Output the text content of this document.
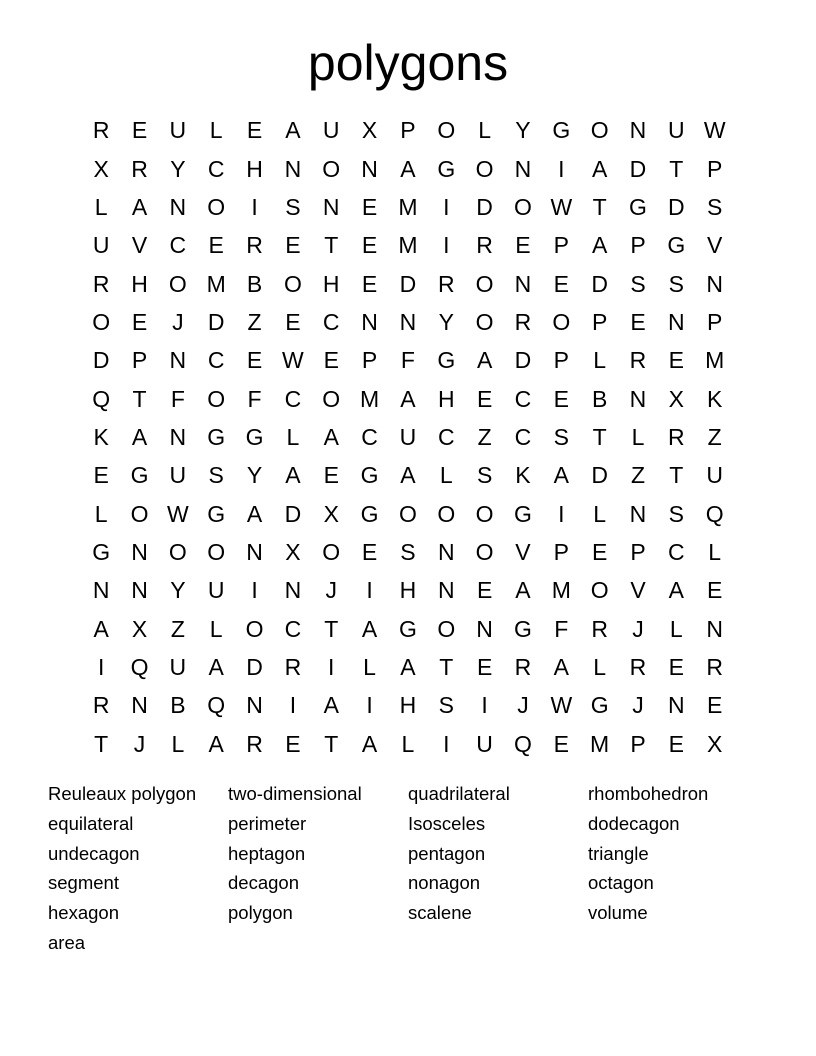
polygons
R E U	L	E	A U X	P O	L	Y G O N U W
X R Y C H N O N A G O N	I	A D	T	P
L	A N O	I	S N E M	I	D O W T G D S
U V C E R E	T	E M	I	R E	P	A	P G V
R H O M B O H E D R O N E D S	S N
O E	J	D	Z	E C N N Y O R O P	E N P
D P N C E W E	P	F G A D P	L	R E M
Q T	F O F	C O M A H E C E	B N X	K
K	A N G G	L	A C U C	Z	C S	T	L	R	Z
E G U S	Y	A	E G A	L	S	K	A D	Z	T	U
L	O W G A D X G O O O G	I	L	N S Q
G N O O N X O E	S N O V	P	E	P C	L
N N Y U	I	N	J	I	H N E	A M O V	A	E
A	X	Z	L	O C	T	A G O N G F	R	J	L	N
I	Q U A D R	I	L	A	T	E R A	L	R E R
R N B Q N	I	A	I	H S	I	J W G	J	N E
T	J	L	A R E	T	A	L	I	U Q E M P	E	X
Reuleaux polygon	two-dimensional	quadrilateral	rhombohedron
equilateral	perimeter	Isosceles	dodecagon
undecagon	heptagon	pentagon	triangle
segment	decagon	nonagon	octagon
hexagon	polygon	scalene	volume
area
